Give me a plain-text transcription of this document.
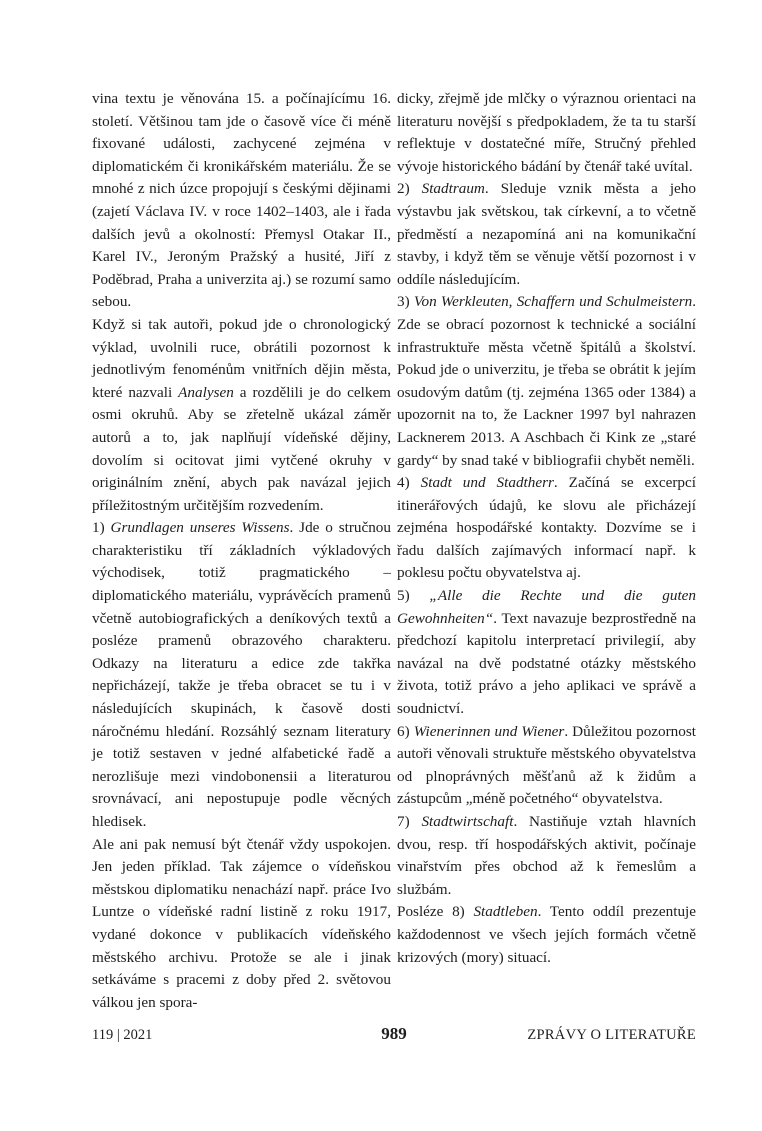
vina textu je věnována 15. a počínajícímu 16. století. Většinou tam jde o časově více či méně fixované události, zachycené zejména v diplomatickém či kronikářském materiálu. Že se mnohé z nich úzce propojují s českými dějinami (zajetí Václava IV. v roce 1402–1403, ale i řada dalších jevů a okolností: Přemysl Otakar II., Karel IV., Jeroným Pražský a husité, Jiří z Poděbrad, Praha a univerzita aj.) se rozumí samo sebou.

Když si tak autoři, pokud jde o chronologický výklad, uvolnili ruce, obrátili pozornost k jednotlivým fenoménům vnitřních dějin města, které nazvali Analysen a rozdělili je do celkem osmi okruhů. Aby se zřetelně ukázal záměr autorů a to, jak naplňují vídeňské dějiny, dovolím si ocitovat jimi vytčené okruhy v originálním znění, abych pak navázal jejich příležitostným určitějším rozvedením.

1) Grundlagen unseres Wissens. Jde o stručnou charakteristiku tří základních výkladových východisek, totiž pragmatického – diplomatického materiálu, vyprávěcích pramenů včetně autobiografických a deníkových textů a posléze pramenů obrazového charakteru. Odkazy na literaturu a edice zde takřka nepřicházejí, takže je třeba obracet se tu i v následujících skupinách, k časově dosti náročnému hledání. Rozsáhlý seznam literatury je totiž sestaven v jedné alfabetické řadě a nerozlišuje mezi vindobonensii a literaturou srovnávací, ani nepostupuje podle věcných hledisek.

Ale ani pak nemusí být čtenář vždy uspokojen. Jen jeden příklad. Tak zájemce o vídeňskou městskou diplomatiku nenachází např. práce Ivo Luntze o vídeňské radní listině z roku 1917, vydané dokonce v publikacích vídeňského městského archivu. Protože se ale i jinak setkáváme s pracemi z doby před 2. světovou válkou jen spora-

dicky, zřejmě jde mlčky o výraznou orientaci na literaturu novější s předpokladem, že ta tu starší reflektuje v dostatečné míře, Stručný přehled vývoje historického bádání by čtenář také uvítal.

2) Stadtraum. Sleduje vznik města a jeho výstavbu jak světskou, tak církevní, a to včetně předměstí a nezapomíná ani na komunikační stavby, i když těm se věnuje větší pozornost i v oddíle následujícím.

3) Von Werkleuten, Schaffern und Schulmeistern. Zde se obrací pozornost k technické a sociální infrastruktuře města včetně špitálů a školství. Pokud jde o univerzitu, je třeba se obrátit k jejím osudovým datům (tj. zejména 1365 oder 1384) a upozornit na to, že Lackner 1997 byl nahrazen Lacknerem 2013. A Aschbach či Kink ze „staré gardy“ by snad také v bibliografii chybět neměli.

4) Stadt und Stadtherr. Začíná se excerpcí itinerářových údajů, ke slovu ale přicházejí zejména hospodářské kontakty. Dozvíme se i řadu dalších zajímavých informací např. k poklesu počtu obyvatelstva aj.

5) „Alle die Rechte und die guten Gewohnheiten“. Text navazuje bezprostředně na předchozí kapitolu interpretací privilegií, aby navázal na dvě podstatné otázky městského života, totiž právo a jeho aplikaci ve správě a soudnictví.

6) Wienerinnen und Wiener. Důležitou pozornost autoři věnovali struktuře městského obyvatelstva od plnoprávných měšťanů až k židům a zástupcům „méně početného“ obyvatelstva.

7) Stadtwirtschaft. Nastiňuje vztah hlavních dvou, resp. tří hospodářských aktivit, počínaje vinařstvím přes obchod až k řemeslům a službám.

Posléze 8) Stadtleben. Tento oddíl prezentuje každodennost ve všech jejích formách včetně krizových (mory) situací.

119 | 2021	989	ZPRÁVY O LITERATUŘE
